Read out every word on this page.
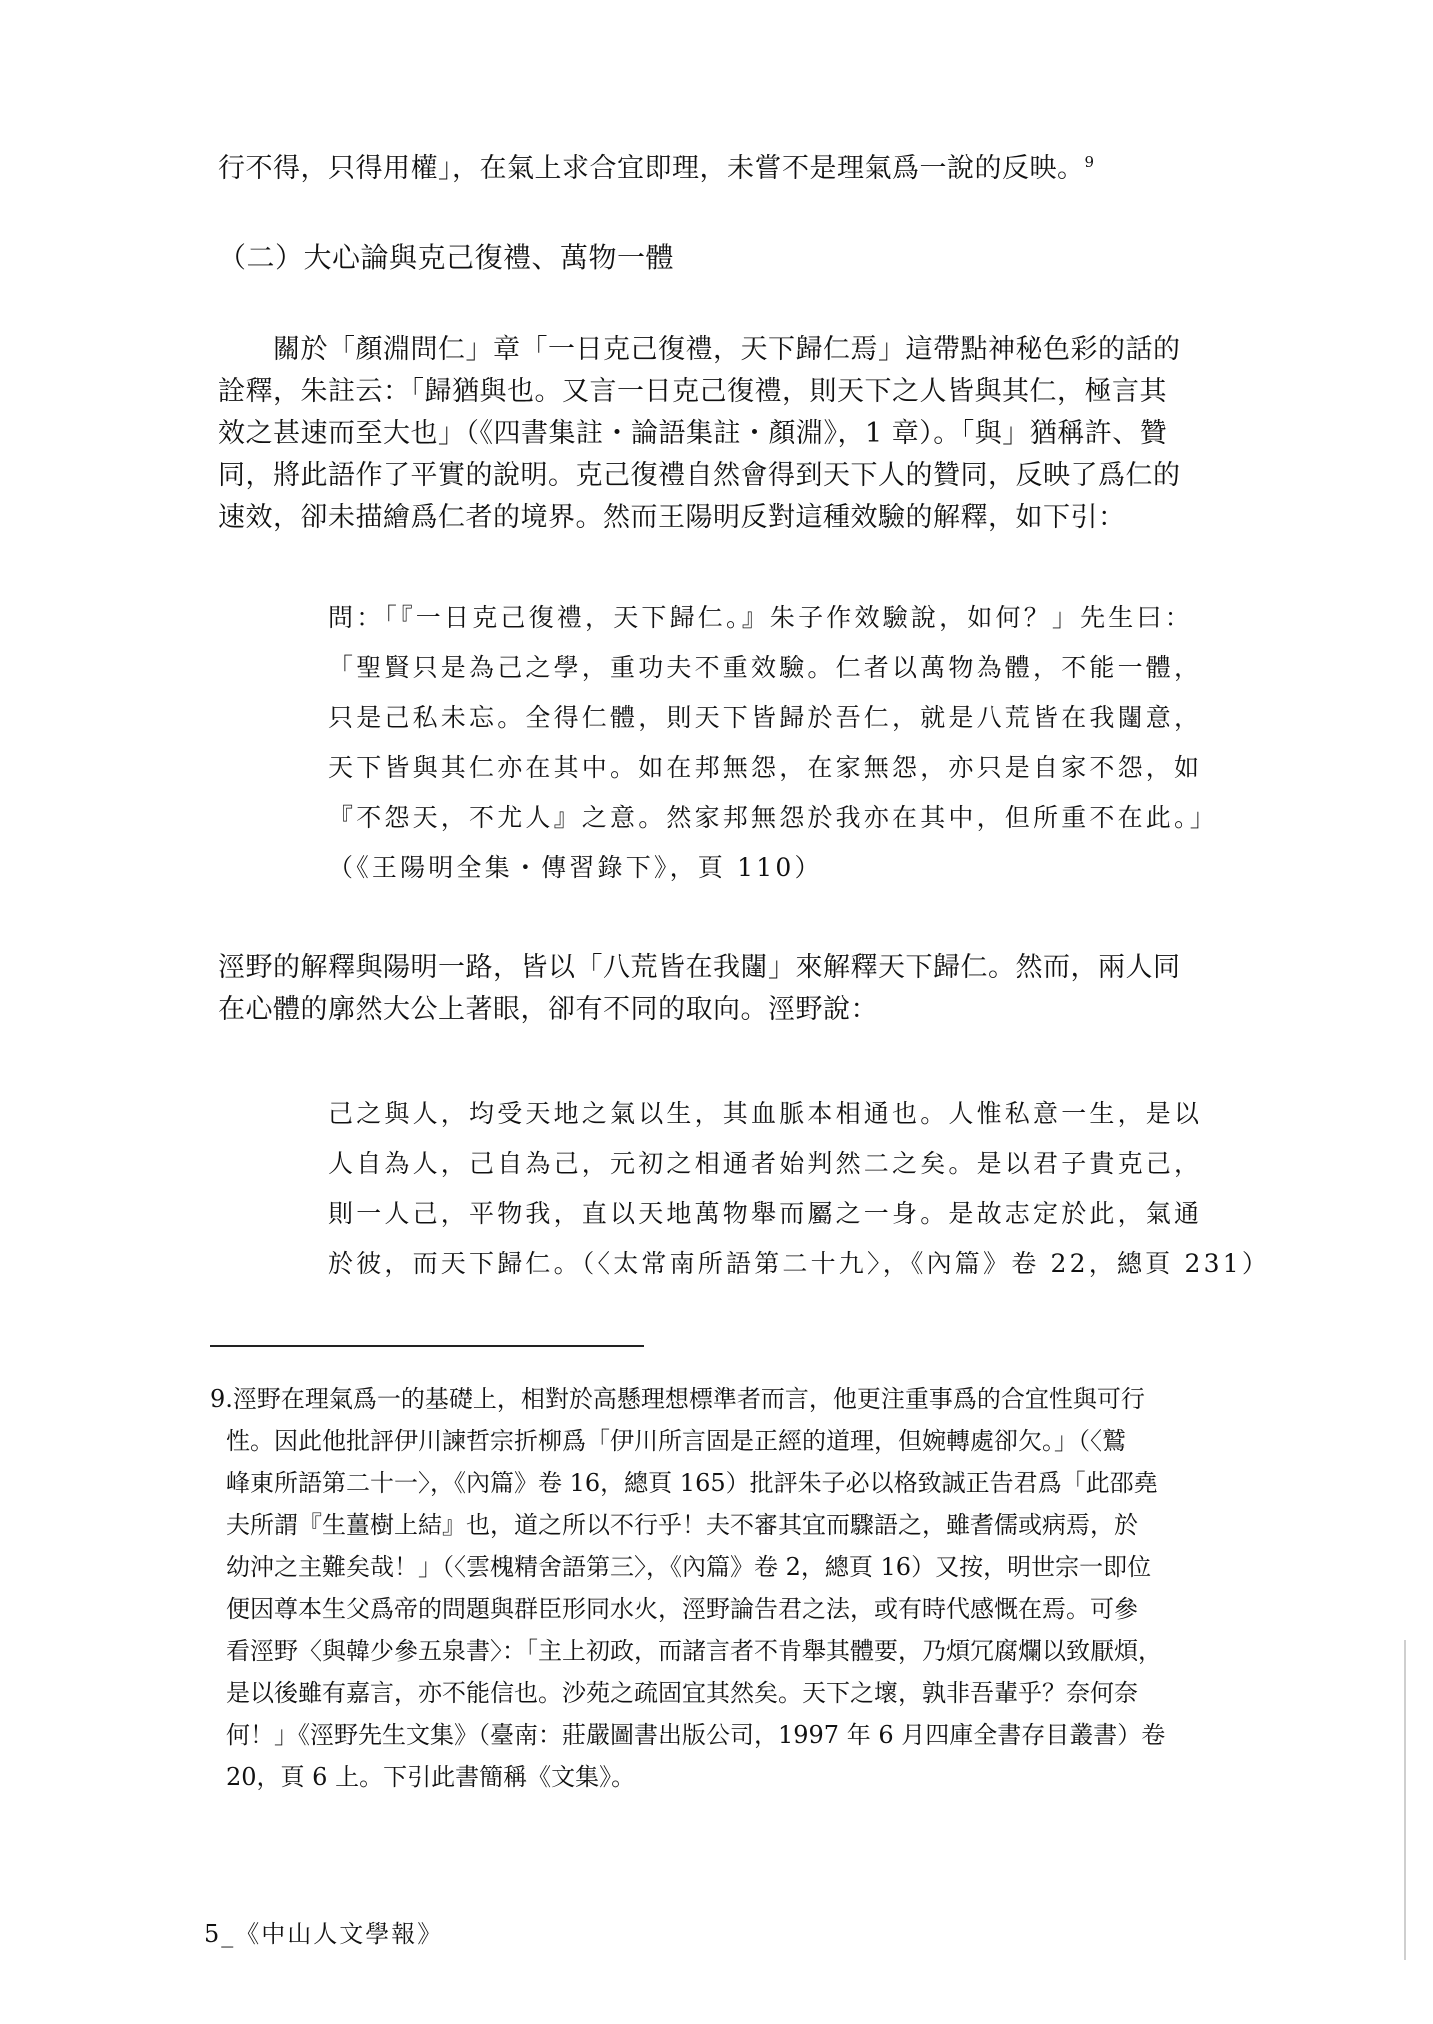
行不得，只得用權」，在氣上求合宜即理，未嘗不是理氣爲一說的反映。$^9$

（二）大心論與克己復禮、萬物一體

　　關於「顏淵問仁」章「一日克己復禮，天下歸仁焉」這帶點神秘色彩的話的

詮釋，朱註云：「歸猶與也。又言一日克己復禮，則天下之人皆與其仁，極言其

效之甚速而至大也」（《四書集註・論語集註・顏淵》，1 章）。「與」猶稱許、贊

同，將此語作了平實的說明。克己復禮自然會得到天下人的贊同，反映了爲仁的

速效，卻未描繪爲仁者的境界。然而王陽明反對這種效驗的解釋，如下引：

問：「『一日克己復禮，天下歸仁。』朱子作效驗說，如何？」先生曰：

「聖賢只是為己之學，重功夫不重效驗。仁者以萬物為體，不能一體，

只是己私未忘。全得仁體，則天下皆歸於吾仁，就是八荒皆在我闥意，

天下皆與其仁亦在其中。如在邦無怨，在家無怨，亦只是自家不怨，如

『不怨天，不尤人』之意。然家邦無怨於我亦在其中，但所重不在此。」

（《王陽明全集・傳習錄下》，頁 110）

涇野的解釋與陽明一路，皆以「八荒皆在我闥」來解釋天下歸仁。然而，兩人同

在心體的廓然大公上著眼，卻有不同的取向。涇野說：

己之與人，均受天地之氣以生，其血脈本相通也。人惟私意一生，是以

人自為人，己自為己，元初之相通者始判然二之矣。是以君子貴克己，

則一人己，平物我，直以天地萬物舉而屬之一身。是故志定於此，氣通

於彼，而天下歸仁。（〈太常南所語第二十九〉，《內篇》卷 22，總頁 231）

9.涇野在理氣爲一的基礎上，相對於高懸理想標準者而言，他更注重事爲的合宜性與可行

性。因此他批評伊川諫哲宗折柳爲「伊川所言固是正經的道理，但婉轉處卻欠。」（〈鷲

峰東所語第二十一〉，《內篇》卷 16，總頁 165）批評朱子必以格致誠正告君爲「此邵堯

夫所謂『生薑樹上結』也，道之所以不行乎！夫不審其宜而驟語之，雖耆儒或病焉，於

幼沖之主難矣哉！」（〈雲槐精舍語第三〉，《內篇》卷 2，總頁 16）又按，明世宗一即位

便因尊本生父爲帝的問題與群臣形同水火，涇野論告君之法，或有時代感慨在焉。可參

看涇野〈與韓少參五泉書〉：「主上初政，而諸言者不肯舉其體要，乃煩冗腐爛以致厭煩，

是以後雖有嘉言，亦不能信也。沙苑之疏固宜其然矣。天下之壞，孰非吾輩乎？奈何奈

何！」《涇野先生文集》（臺南：莊嚴圖書出版公司，1997 年 6 月四庫全書存目叢書）卷

20，頁 6 上。下引此書簡稱《文集》。

5_《中山人文學報》
